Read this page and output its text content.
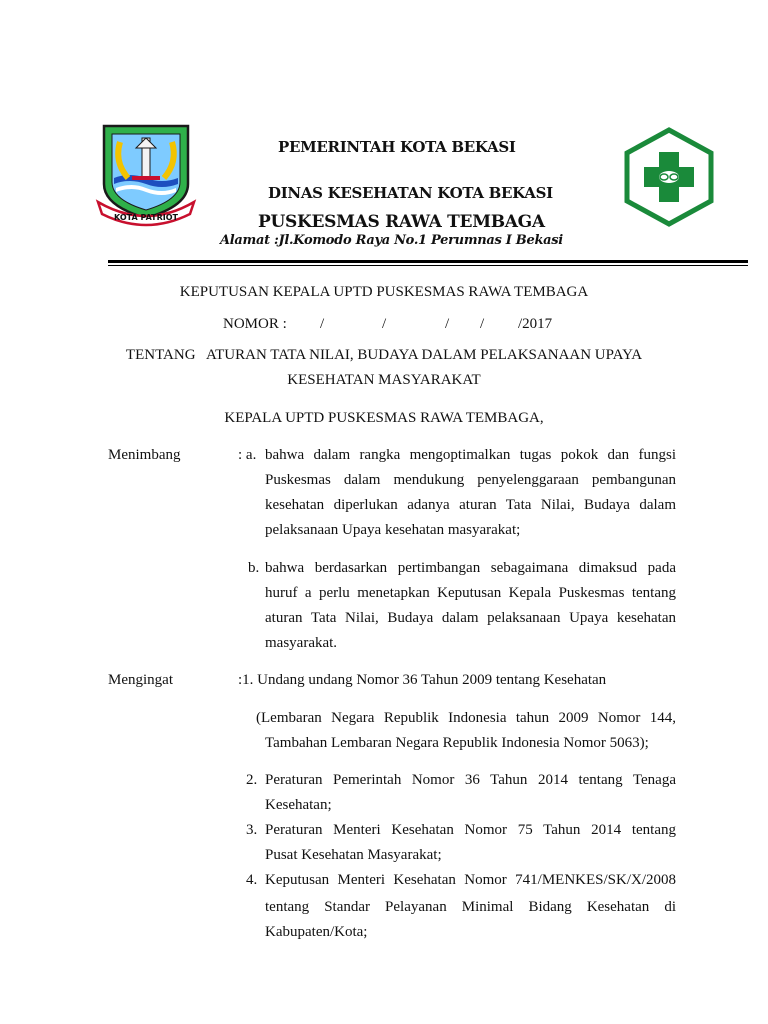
KOTA PATRIOT
PEMERINTAH KOTA BEKASI
DINAS KESEHATAN KOTA BEKASI
PUSKESMAS RAWA TEMBAGA
Alamat :Jl.Komodo Raya No.1 Perumnas I Bekasi
KEPUTUSAN KEPALA UPTD PUSKESMAS RAWA TEMBAGA
NOMOR : /	/	/ / /2017
TENTANG   ATURAN TATA NILAI, BUDAYA DALAM PELAKSANAAN UPAYA
KESEHATAN MASYARAKAT
KEPALA UPTD PUSKESMAS RAWA TEMBAGA,
Menimbang	: a. bahwa dalam rangka mengoptimalkan tugas pokok dan fungsi
Puskesmas dalam mendukung penyelenggaraan pembangunan
kesehatan diperlukan adanya aturan Tata Nilai, Budaya dalam
pelaksanaan Upaya kesehatan masyarakat;
b. bahwa berdasarkan pertimbangan sebagaimana dimaksud pada
huruf a perlu menetapkan Keputusan Kepala Puskesmas tentang
aturan Tata Nilai, Budaya dalam pelaksanaan Upaya kesehatan
masyarakat.
Mengingat	:1. Undang undang Nomor 36 Tahun 2009 tentang Kesehatan
(Lembaran Negara Republik Indonesia tahun 2009 Nomor 144,
Tambahan Lembaran Negara Republik Indonesia Nomor 5063);
2. Peraturan Pemerintah Nomor 36 Tahun 2014 tentang Tenaga
Kesehatan;
3. Peraturan Menteri Kesehatan Nomor 75 Tahun 2014 tentang
Pusat Kesehatan Masyarakat;
4. Keputusan Menteri Kesehatan Nomor 741/MENKES/SK/X/2008
tentang Standar Pelayanan Minimal Bidang Kesehatan di
Kabupaten/Kota;
